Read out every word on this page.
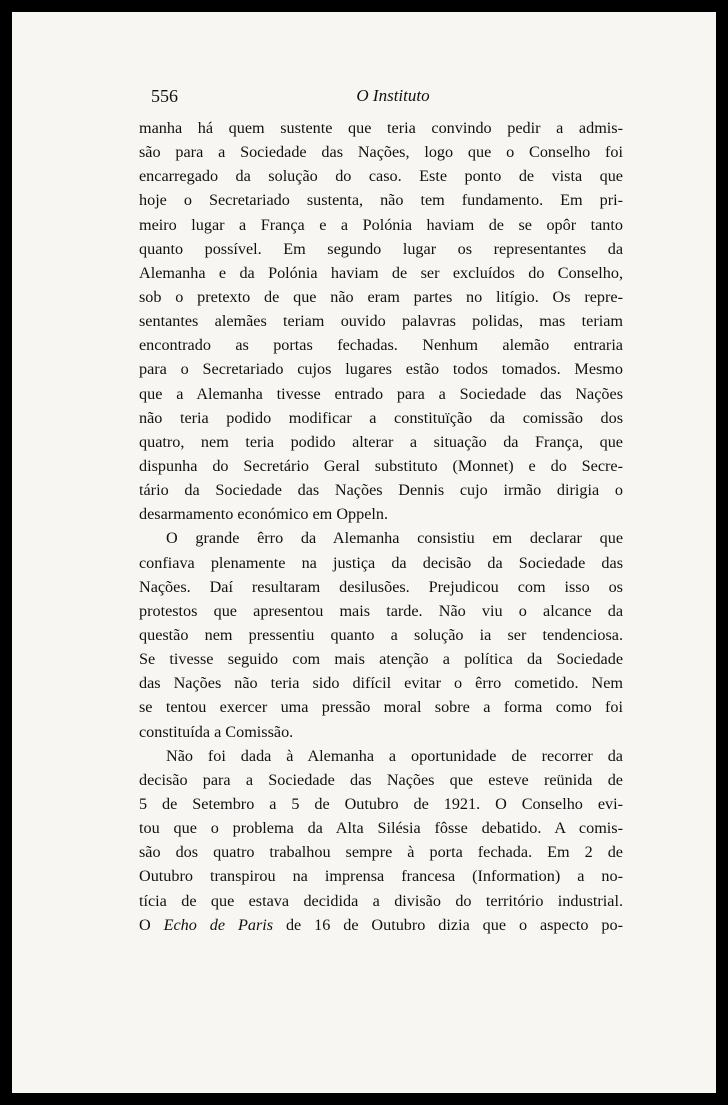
556	O Instituto
manha há quem sustente que teria convindo pedir a admis-
são para a Sociedade das Nações, logo que o Conselho foi
encarregado da solução do caso. Este ponto de vista que
hoje o Secretariado sustenta, não tem fundamento. Em pri-
meiro lugar a França e a Polónia haviam de se opôr tanto
quanto possível. Em segundo lugar os representantes da
Alemanha e da Polónia haviam de ser excluídos do Conselho,
sob o pretexto de que não eram partes no litígio. Os repre-
sentantes alemães teriam ouvido palavras polidas, mas teriam
encontrado as portas fechadas. Nenhum alemão entraria
para o Secretariado cujos lugares estão todos tomados. Mesmo
que a Alemanha tivesse entrado para a Sociedade das Nações
não teria podido modificar a constituïção da comissão dos
quatro, nem teria podido alterar a situação da França, que
dispunha do Secretário Geral substituto (Monnet) e do Secre-
tário da Sociedade das Nações Dennis cujo irmão dirigia o
desarmamento económico em Oppeln.
O grande êrro da Alemanha consistiu em declarar que
confiava plenamente na justiça da decisão da Sociedade das
Nações. Daí resultaram desilusões. Prejudicou com isso os
protestos que apresentou mais tarde. Não viu o alcance da
questão nem pressentiu quanto a solução ia ser tendenciosa.
Se tivesse seguido com mais atenção a política da Sociedade
das Nações não teria sido difícil evitar o êrro cometido. Nem
se tentou exercer uma pressão moral sobre a forma como foi
constituída a Comissão.
Não foi dada à Alemanha a oportunidade de recorrer da
decisão para a Sociedade das Nações que esteve reünida de
5 de Setembro a 5 de Outubro de 1921. O Conselho evi-
tou que o problema da Alta Silésia fôsse debatido. A comis-
são dos quatro trabalhou sempre à porta fechada. Em 2 de
Outubro transpirou na imprensa francesa (Information) a no-
tícia de que estava decidida a divisão do território industrial.
O Echo de Paris de 16 de Outubro dizia que o aspecto po-
